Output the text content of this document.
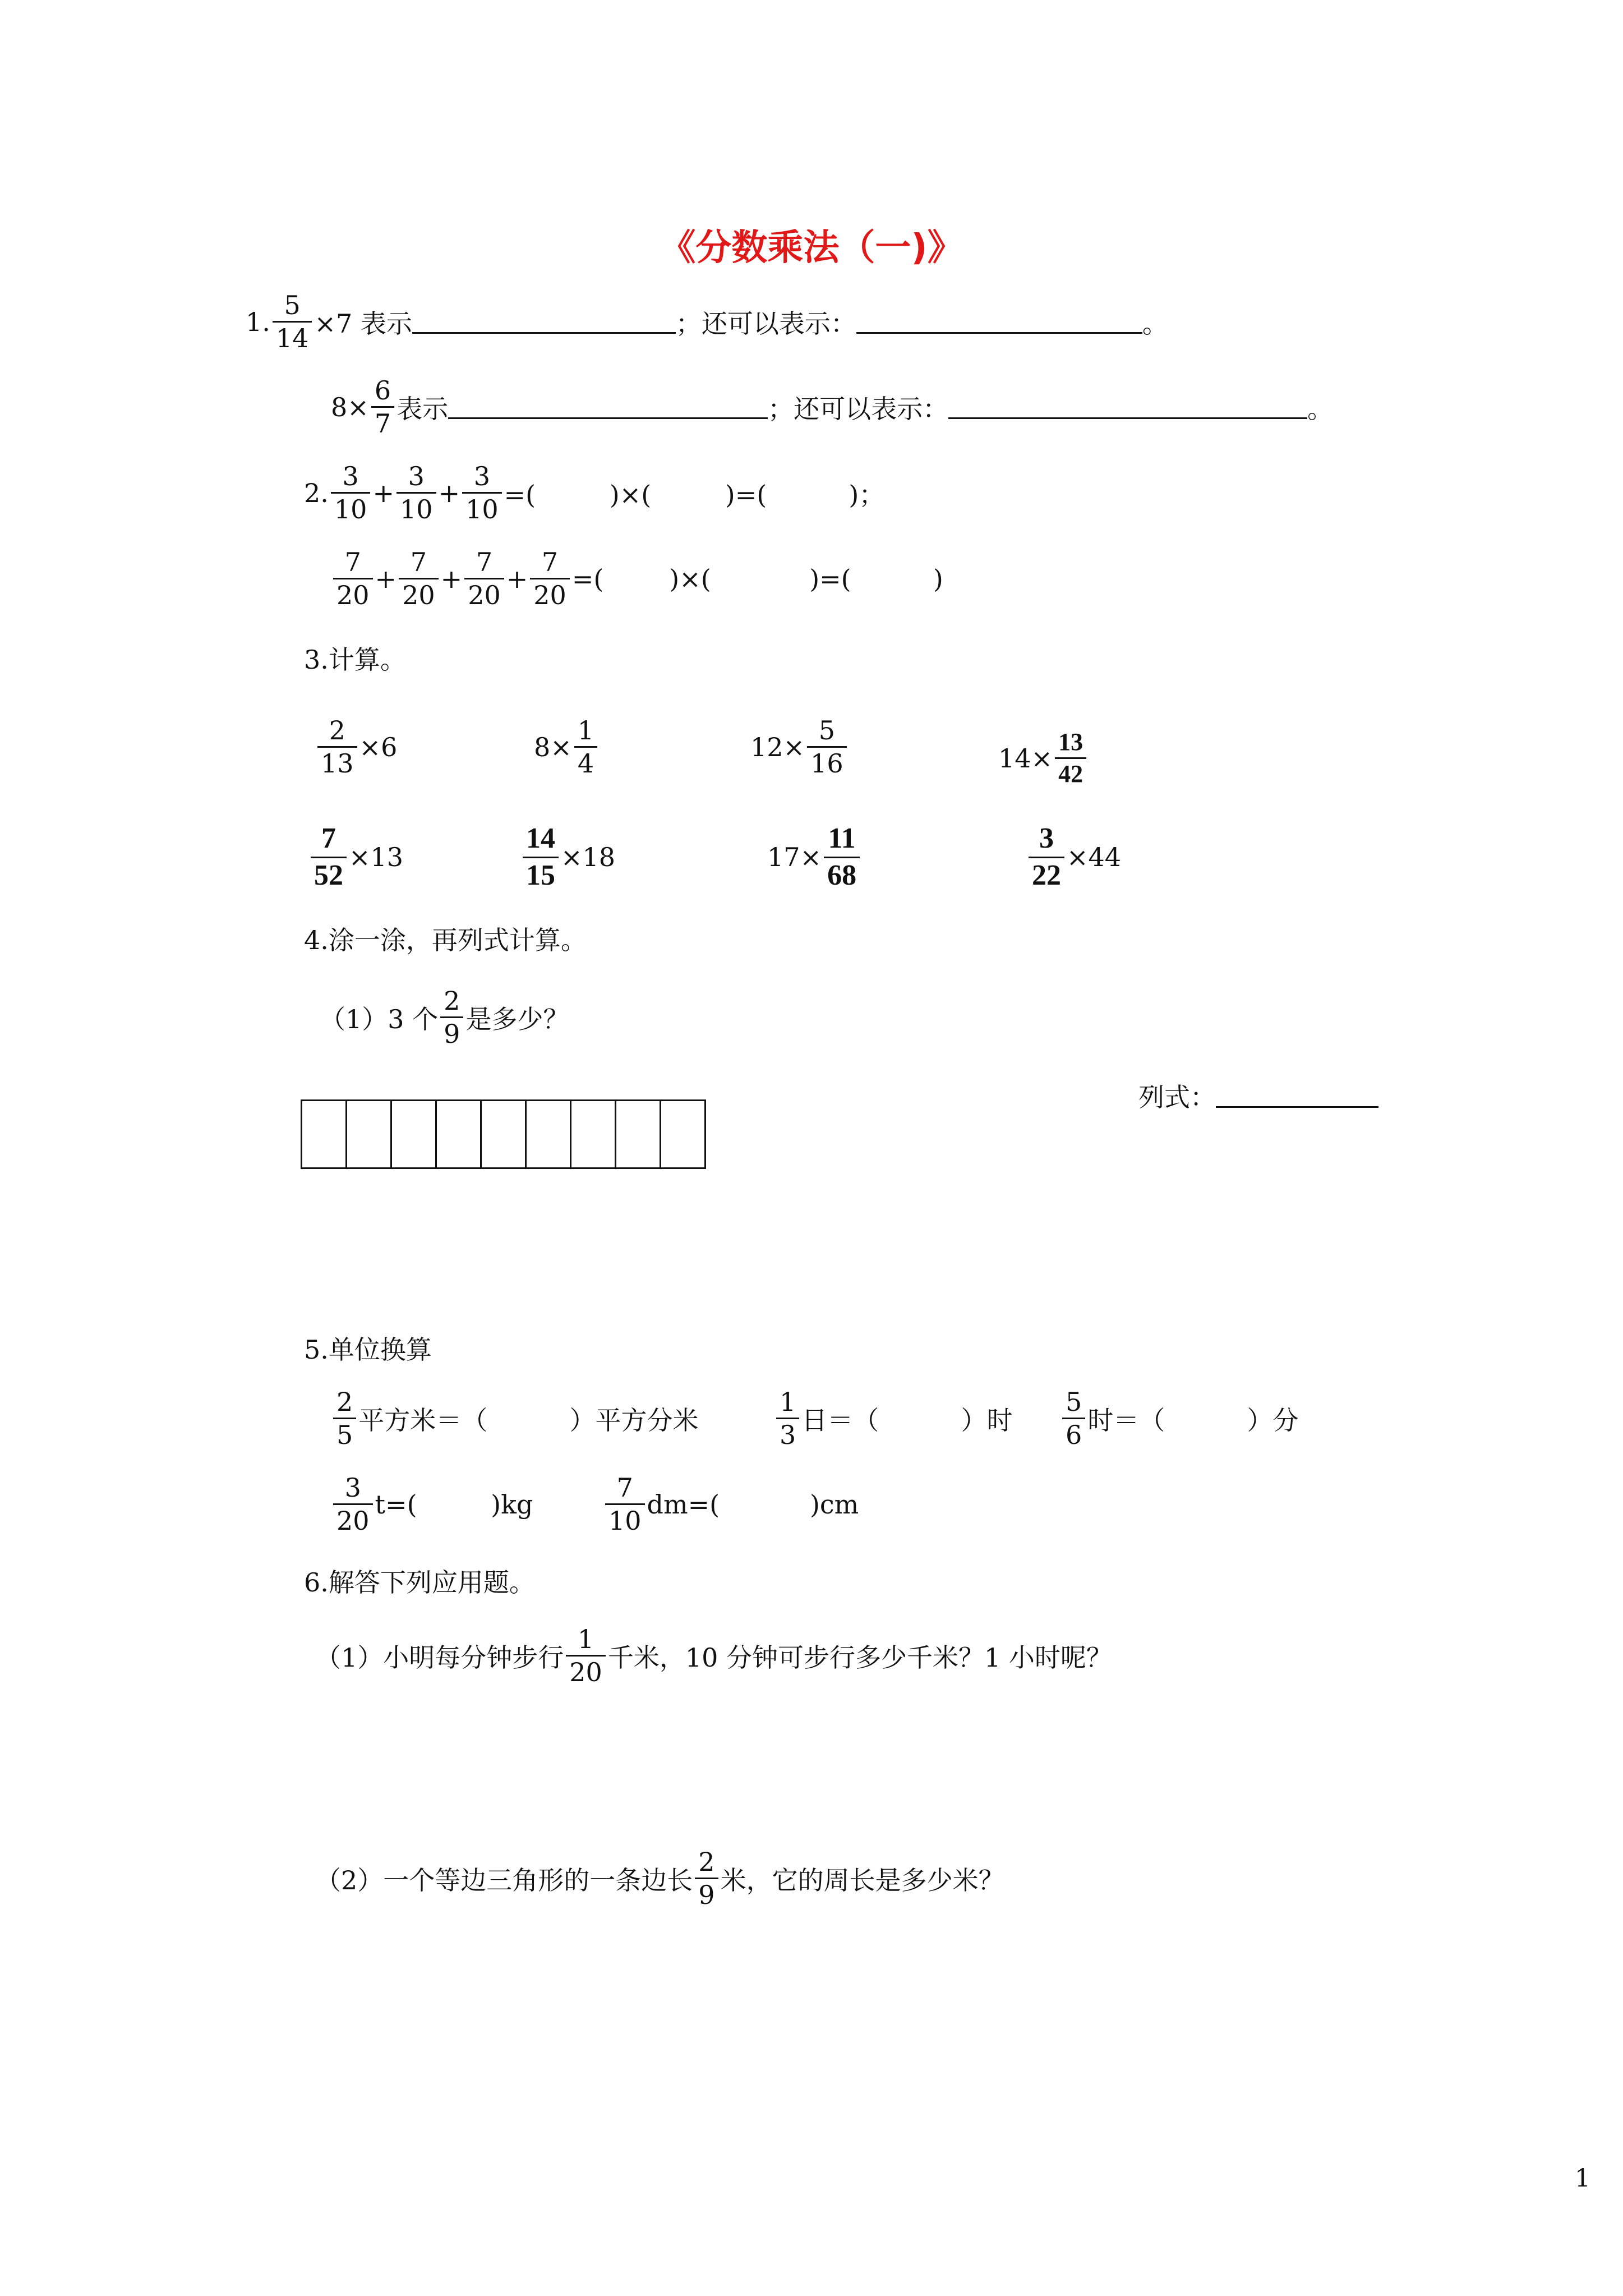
《分数乘法（一)》
1. $\frac{5}{14} \times 7$ 表示	；还可以表示：	。
$8\times \frac{6}{7}$ 表示	；还可以表示：	。
2. $\frac{3}{10} + \frac{3}{10} + \frac{3}{10}$ =(         )×(         )=(          )；
$\frac{7}{20} + \frac{7}{20} + \frac{7}{20} + \frac{7}{20}$ =(        )×(            )=(          )
3.计算。
$\frac{2}{13} \times 6$	$8\times \frac{1}{4}$	$12\times \frac{5}{16}$	$14\times \frac{13}{42}$
$\frac{7}{52} \times 13$	$\frac{14}{15} \times 18$	$17\times \frac{11}{68}$	$\frac{3}{22} \times 44$
4.涂一涂，再列式计算。
（1）3 个 $\frac{2}{9}$ 是多少？
列式：
5.单位换算
$\frac{2}{5}$ 平方米＝（          ）平方分米	$\frac{1}{3}$ 日＝（          ）时 $\frac{5}{6}$ 时＝（          ）分
$\frac{3}{20} t=$(         )kg	$\frac{7}{10} dm=$(           )cm
6.解答下列应用题。
（1）小明每分钟步行 $\frac{1}{20}$ 千米，10 分钟可步行多少千米？1 小时呢？
（2）一个等边三角形的一条边长 $\frac{2}{9}$ 米，它的周长是多少米？
1
